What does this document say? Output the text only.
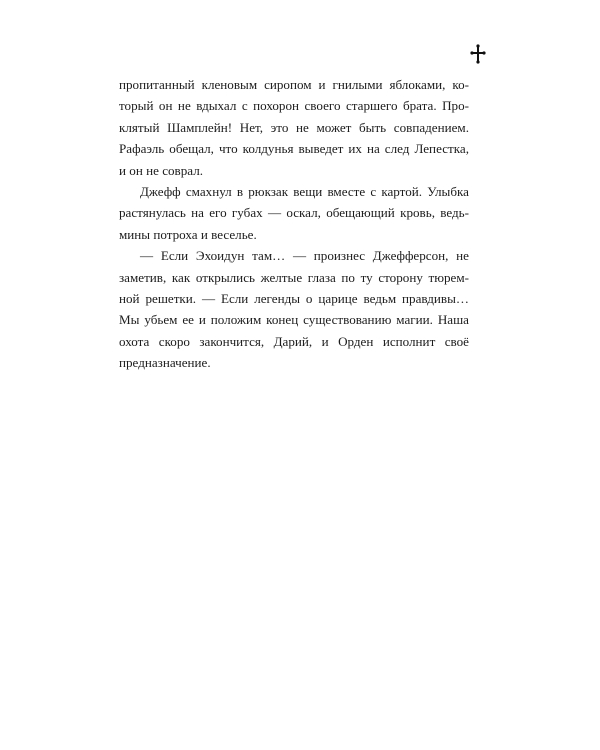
пропитанный кленовым сиропом и гнилыми яблоками, ко-
торый он не вдыхал с похорон своего старшего брата. Про-
клятый Шамплейн! Нет, это не может быть совпадением.
Рафаэль обещал, что колдунья выведет их на след Лепестка,
и он не соврал.
Джефф смахнул в рюкзак вещи вместе с картой. Улыбка
растянулась на его губах — оскал, обещающий кровь, ведь-
мины потроха и веселье.
— Если Эхоидун там… — произнес Джефферсон, не
заметив, как открылись желтые глаза по ту сторону тюрем-
ной решетки. — Если легенды о царице ведьм правдивы…
Мы убьем ее и положим конец существованию магии. Наша
охота скоро закончится, Дарий, и Орден исполнит своё
предназначение.
